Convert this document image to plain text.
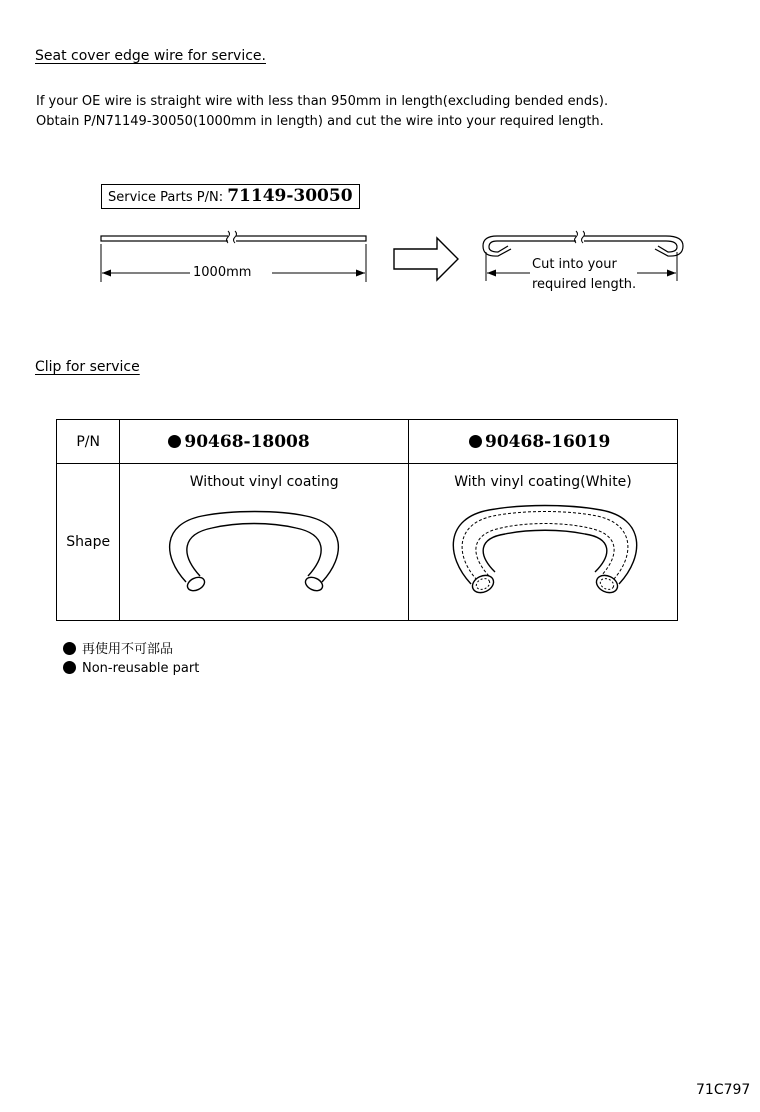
Seat cover edge wire for service.
If your OE wire is straight wire with less than 950mm in length(excluding bended ends).
Obtain P/N71149-30050(1000mm in length) and cut the wire into your required length.
Service Parts P/N: 71149-30050
1000mm
Cut into your
required length.
Clip for service
P/N	90468-18008	90468-16019
Shape	Without vinyl coating	With vinyl coating(White)
再使用不可部品
Non-reusable part
71C797
